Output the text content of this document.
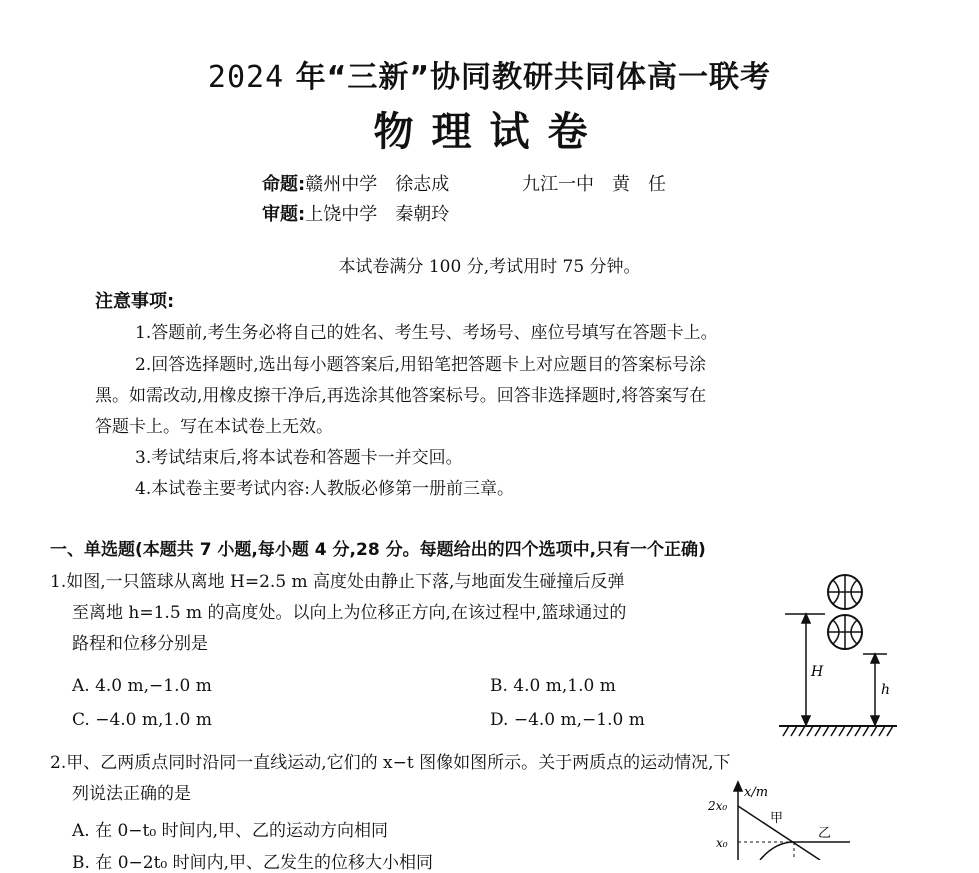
2024 年“三新”协同教研共同体高一联考
物理试卷
命题:赣州中学　徐志成	九江一中　黄　任
审题:上饶中学　秦朝玲
本试卷满分 100 分,考试用时 75 分钟。
注意事项:
1.答题前,考生务必将自己的姓名、考生号、考场号、座位号填写在答题卡上。
2.回答选择题时,选出每小题答案后,用铅笔把答题卡上对应题目的答案标号涂
黑。如需改动,用橡皮擦干净后,再选涂其他答案标号。回答非选择题时,将答案写在
答题卡上。写在本试卷上无效。
3.考试结束后,将本试卷和答题卡一并交回。
4.本试卷主要考试内容:人教版必修第一册前三章。
一、单选题(本题共 7 小题,每小题 4 分,28 分。每题给出的四个选项中,只有一个正确)
1.如图,一只篮球从离地 H=2.5 m 高度处由静止下落,与地面发生碰撞后反弹
至离地 h=1.5 m 的高度处。以向上为位移正方向,在该过程中,篮球通过的
路程和位移分别是
A. 4.0 m,−1.0 m	B. 4.0 m,1.0 m
C. −4.0 m,1.0 m	D. −4.0 m,−1.0 m
H
h
2.甲、乙两质点同时沿同一直线运动,它们的 x−t 图像如图所示。关于两质点的运动情况,下
列说法正确的是
A. 在 0−t₀ 时间内,甲、乙的运动方向相同
B. 在 0−2t₀ 时间内,甲、乙发生的位移大小相同
x/m
2x₀
x₀
甲
乙
